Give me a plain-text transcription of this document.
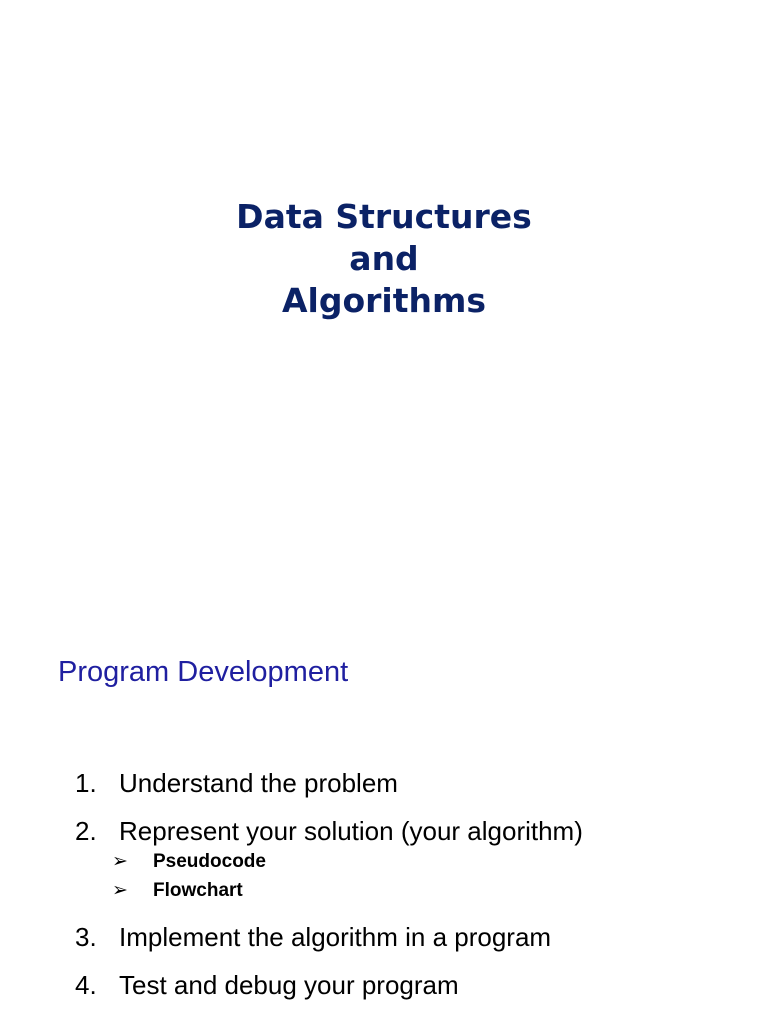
Data Structures
and
Algorithms
Program Development
1. Understand the problem
2. Represent your solution (your algorithm)
➢ Pseudocode
➢ Flowchart
3. Implement the algorithm in a program
4. Test and debug your program
